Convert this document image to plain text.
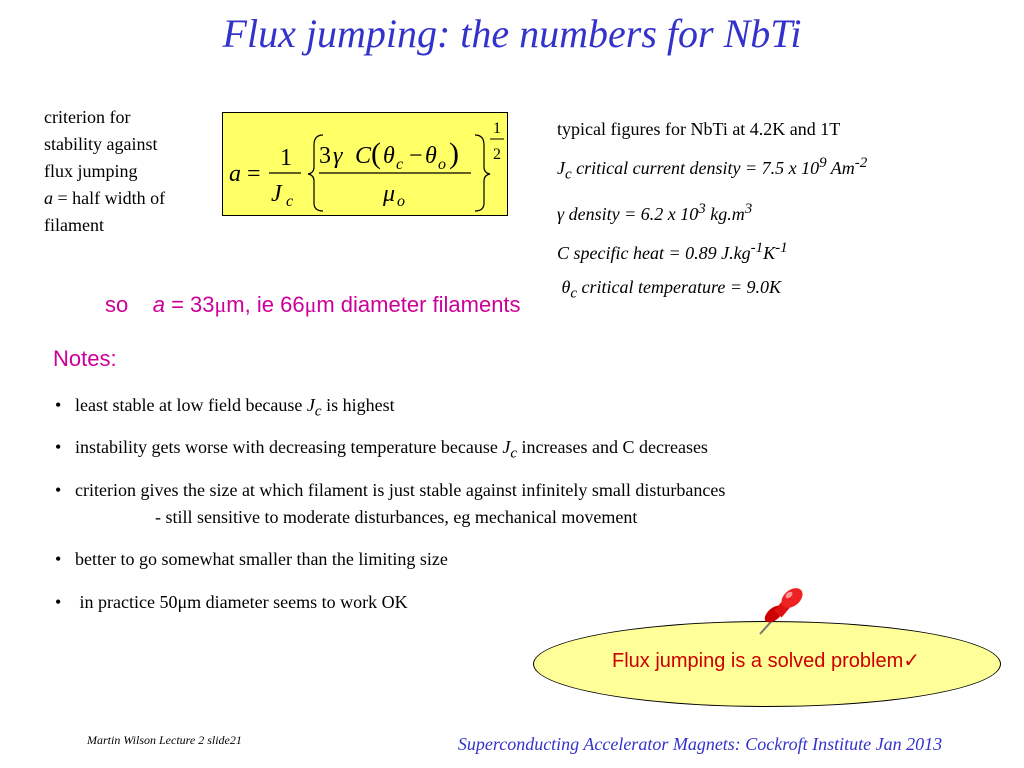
Flux jumping: the numbers for NbTi
criterion for
stability against
flux jumping
a = half width of
filament
a =
1
J c
3 γ C ( θ c − θ o )
μ o
1
2
typical figures for NbTi at 4.2K and 1T
$J_c$ critical current density = 7.5 x $10^9$ $Am^{-2}$
γ density = 6.2 x $10^3$ $kg.m^3$
C specific heat = 0.89 $J.kg^{-1}K^{-1}$
$\theta_c$ critical temperature = 9.0K
so a = 33μm, ie 66μm diameter filaments
Notes:
• least stable at low field because $J_c$ is highest
• instability gets worse with decreasing temperature because $J_c$ increases and C decreases
• criterion gives the size at which filament is just stable against infinitely small disturbances
- still sensitive to moderate disturbances, eg mechanical movement
• better to go somewhat smaller than the limiting size
• in practice 50μm diameter seems to work OK
Flux jumping is a solved problem✓
Martin Wilson Lecture 2 slide21	Superconducting Accelerator Magnets: Cockroft Institute Jan 2013
